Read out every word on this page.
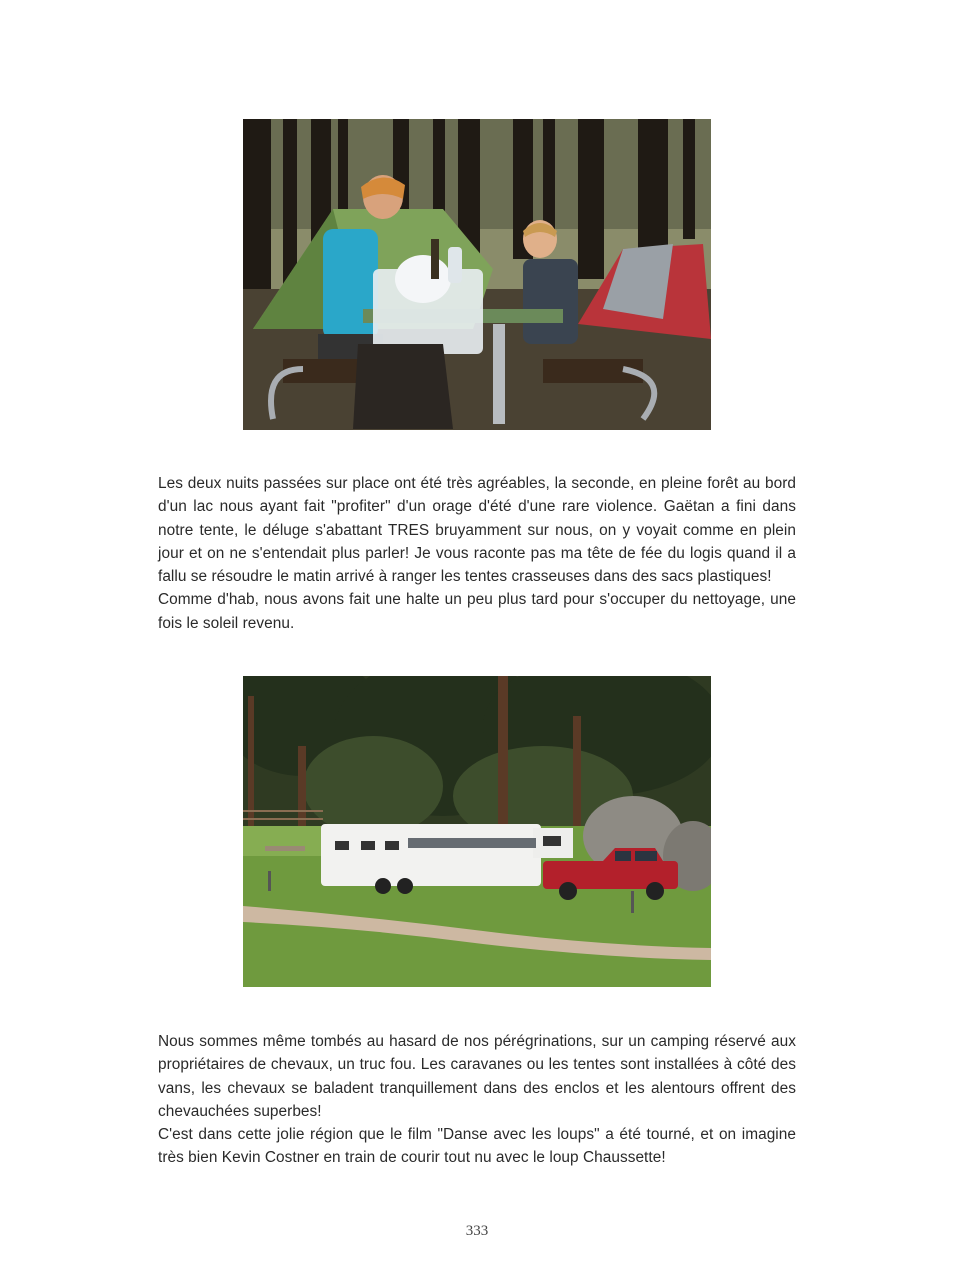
Les deux nuits passées sur place ont été très agréables, la seconde, en pleine forêt au bord d'un lac nous ayant fait "profiter" d'un orage d'été d'une rare violence. Gaëtan a fini dans notre tente, le déluge s'abattant TRES bruyamment sur nous, on y voyait comme en plein jour et on ne s'entendait plus parler! Je vous raconte pas ma tête de fée du logis quand il a fallu se résoudre le matin arrivé à ranger les tentes crasseuses dans des sacs plastiques!

Comme d'hab, nous avons fait une halte un peu plus tard pour s'occuper du nettoyage, une fois le soleil revenu.

Nous sommes même tombés au hasard de nos pérégrinations, sur un camping réservé aux propriétaires de chevaux, un truc fou. Les caravanes ou les tentes sont installées à côté des vans, les chevaux se baladent tranquillement dans des enclos et les alentours offrent des chevauchées superbes!

C'est dans cette jolie région que le film "Danse avec les loups" a été tourné, et on imagine très bien Kevin Costner en train de courir tout nu avec le loup Chaussette!

333
